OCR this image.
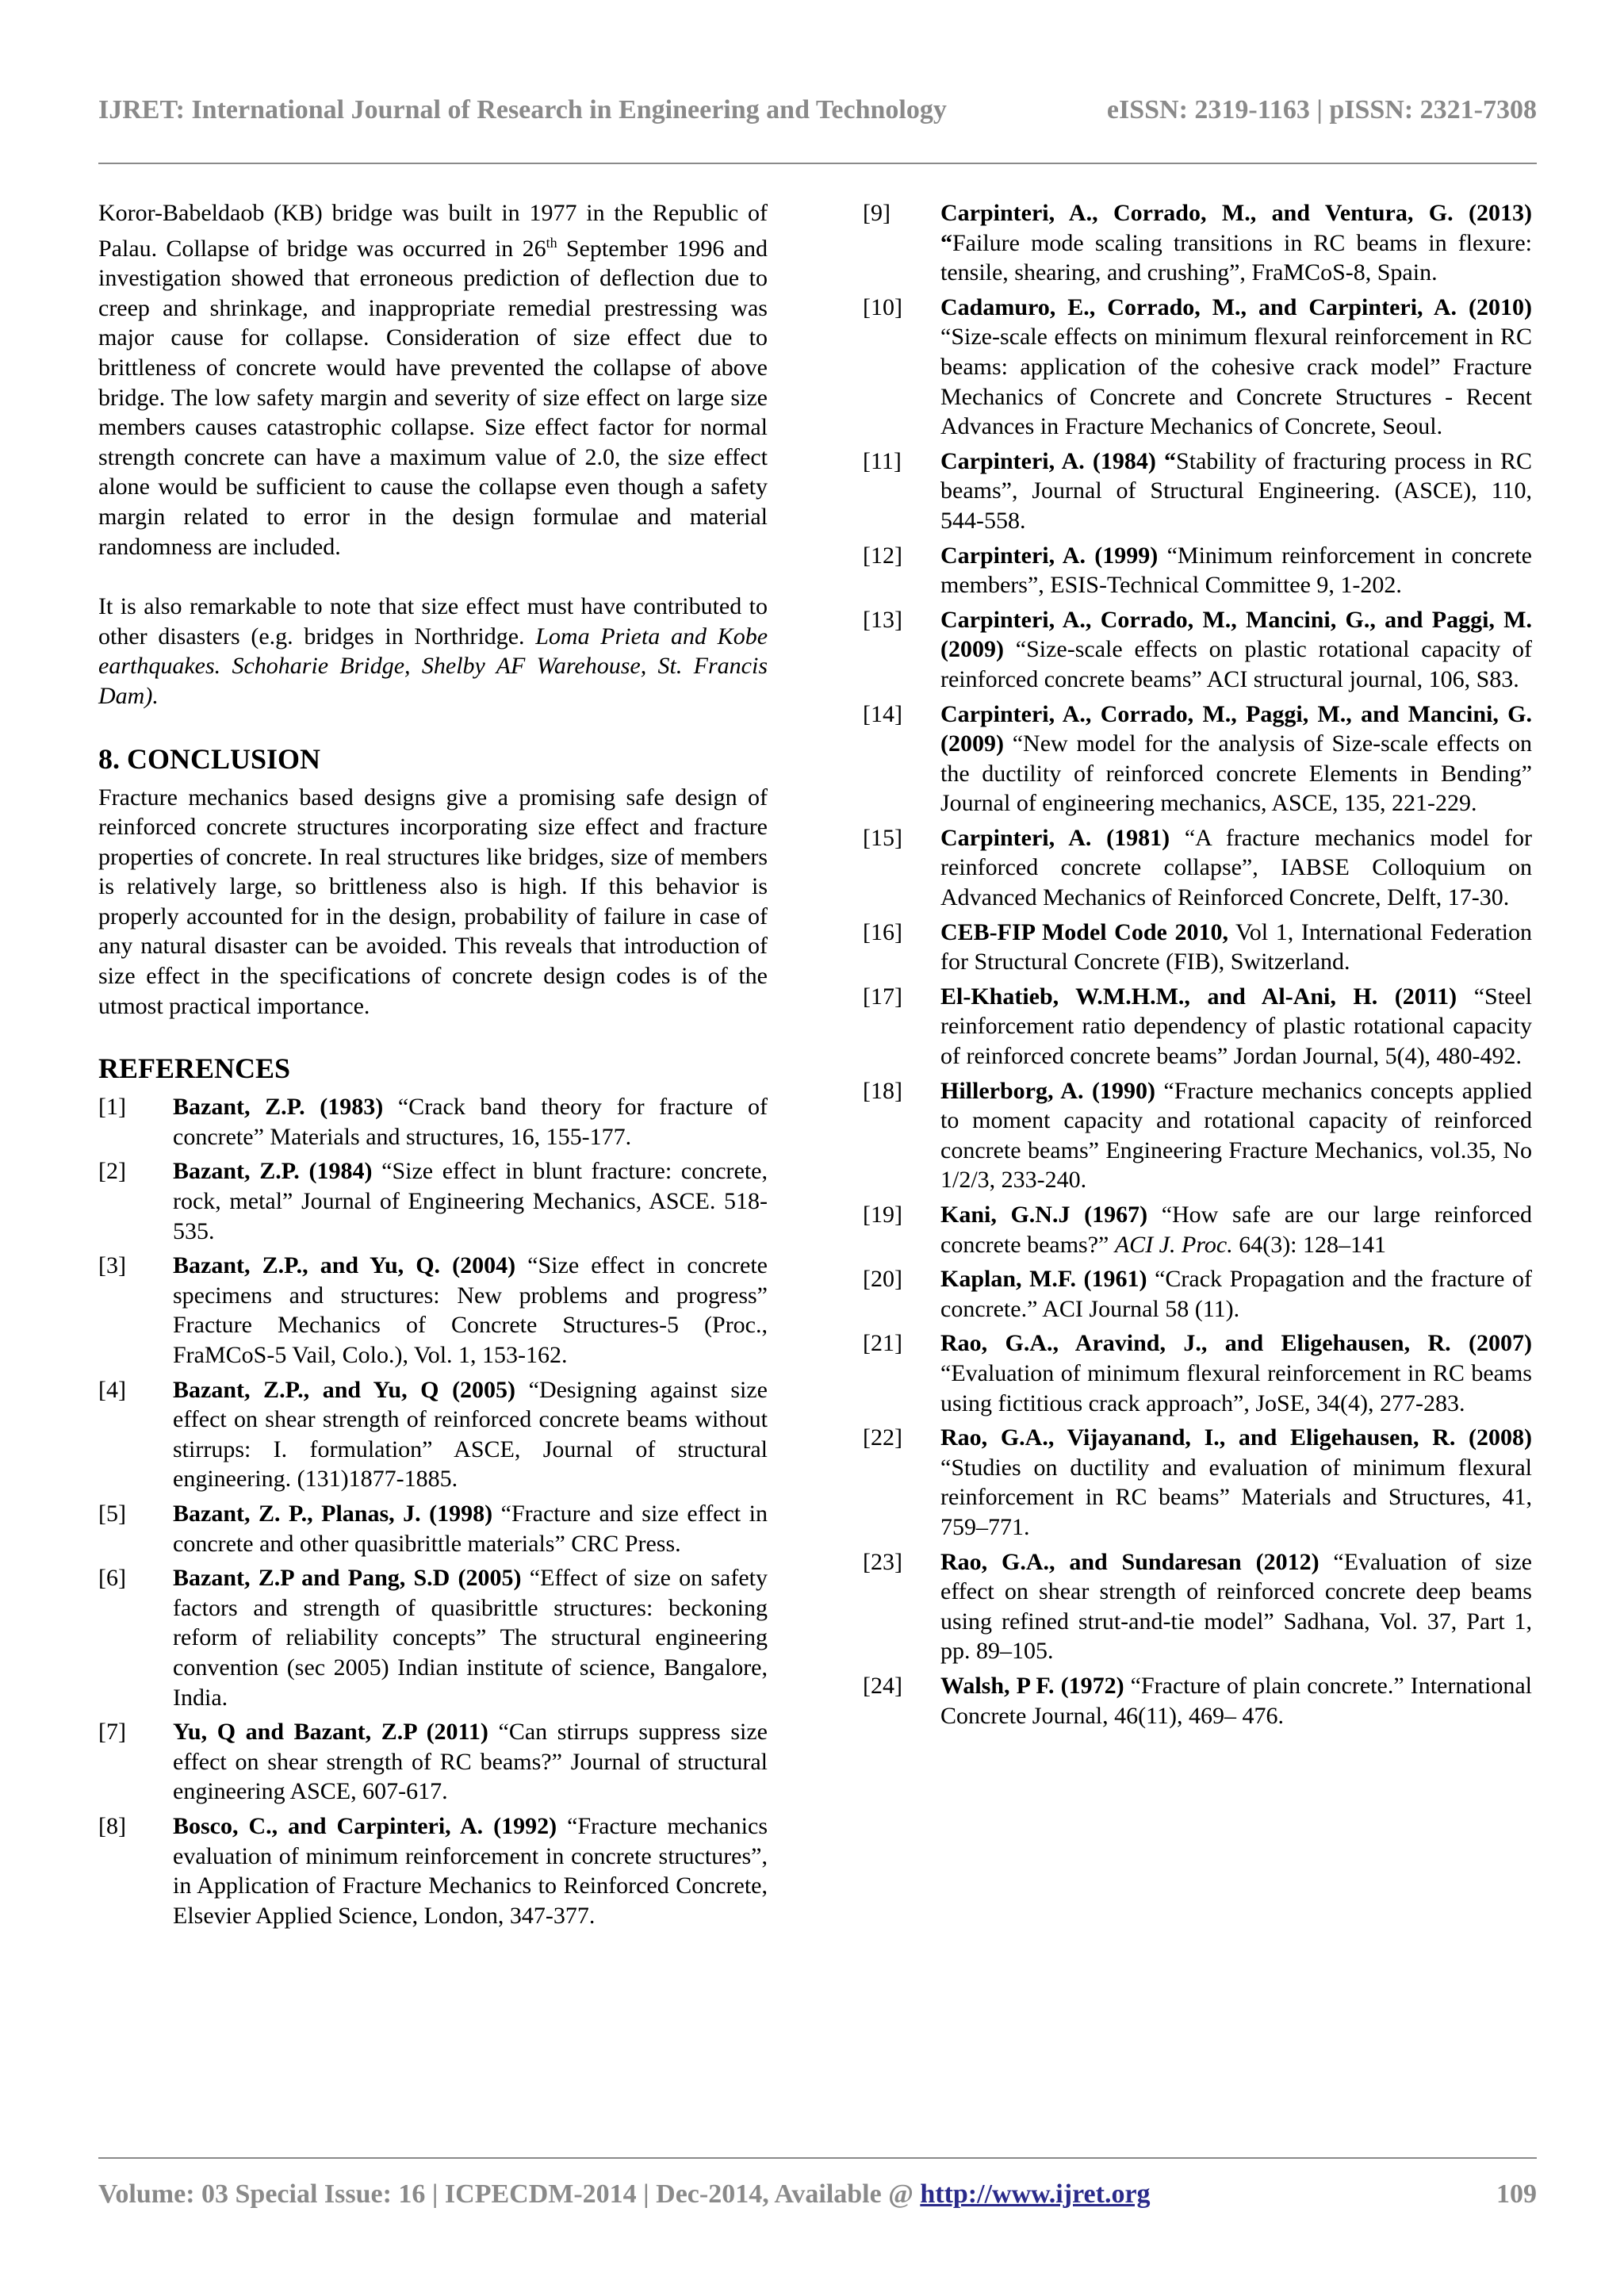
IJRET: International Journal of Research in Engineering and Technology	eISSN: 2319-1163 | pISSN: 2321-7308

Koror-Babeldaob (KB) bridge was built in 1977 in the Republic of Palau. Collapse of bridge was occurred in 26th September 1996 and investigation showed that erroneous prediction of deflection due to creep and shrinkage, and inappropriate remedial prestressing was major cause for collapse. Consideration of size effect due to brittleness of concrete would have prevented the collapse of above bridge. The low safety margin and severity of size effect on large size members causes catastrophic collapse. Size effect factor for normal strength concrete can have a maximum value of 2.0, the size effect alone would be sufficient to cause the collapse even though a safety margin related to error in the design formulae and material randomness are included.

It is also remarkable to note that size effect must have contributed to other disasters (e.g. bridges in Northridge. Loma Prieta and Kobe earthquakes. Schoharie Bridge, Shelby AF Warehouse, St. Francis Dam).

8. CONCLUSION

Fracture mechanics based designs give a promising safe design of reinforced concrete structures incorporating size effect and fracture properties of concrete. In real structures like bridges, size of members is relatively large, so brittleness also is high. If this behavior is properly accounted for in the design, probability of failure in case of any natural disaster can be avoided. This reveals that introduction of size effect in the specifications of concrete design codes is of the utmost practical importance.

REFERENCES
[1]	Bazant, Z.P. (1983) “Crack band theory for fracture of concrete” Materials and structures, 16, 155-177.
[2]	Bazant, Z.P. (1984) “Size effect in blunt fracture: concrete, rock, metal” Journal of Engineering Mechanics, ASCE. 518-535.
[3]	Bazant, Z.P., and Yu, Q. (2004) “Size effect in concrete specimens and structures: New problems and progress” Fracture Mechanics of Concrete Structures-5 (Proc., FraMCoS-5 Vail, Colo.), Vol. 1, 153-162.
[4]	Bazant, Z.P., and Yu, Q (2005) “Designing against size effect on shear strength of reinforced concrete beams without stirrups: I. formulation” ASCE, Journal of structural engineering. (131)1877-1885.
[5]	Bazant, Z. P., Planas, J. (1998) “Fracture and size effect in concrete and other quasibrittle materials” CRC Press.
[6]	Bazant, Z.P and Pang, S.D (2005) “Effect of size on safety factors and strength of quasibrittle structures: beckoning reform of reliability concepts” The structural engineering convention (sec 2005) Indian institute of science, Bangalore, India.
[7]	Yu, Q and Bazant, Z.P (2011) “Can stirrups suppress size effect on shear strength of RC beams?” Journal of structural engineering ASCE, 607-617.
[8]	Bosco, C., and Carpinteri, A. (1992) “Fracture mechanics evaluation of minimum reinforcement in concrete structures”, in Application of Fracture Mechanics to Reinforced Concrete, Elsevier Applied Science, London, 347-377.
[9]	Carpinteri, A., Corrado, M., and Ventura, G. (2013) “Failure mode scaling transitions in RC beams in flexure: tensile, shearing, and crushing”, FraMCoS-8, Spain.
[10]	Cadamuro, E., Corrado, M., and Carpinteri, A. (2010) “Size-scale effects on minimum flexural reinforcement in RC beams: application of the cohesive crack model” Fracture Mechanics of Concrete and Concrete Structures - Recent Advances in Fracture Mechanics of Concrete, Seoul.
[11]	Carpinteri, A. (1984) “Stability of fracturing process in RC beams”, Journal of Structural Engineering. (ASCE), 110, 544-558.
[12]	Carpinteri, A. (1999) “Minimum reinforcement in concrete members”, ESIS-Technical Committee 9, 1-202.
[13]	Carpinteri, A., Corrado, M., Mancini, G., and Paggi, M. (2009) “Size-scale effects on plastic rotational capacity of reinforced concrete beams” ACI structural journal, 106, S83.
[14]	Carpinteri, A., Corrado, M., Paggi, M., and Mancini, G. (2009) “New model for the analysis of Size-scale effects on the ductility of reinforced concrete Elements in Bending” Journal of engineering mechanics, ASCE, 135, 221-229.
[15]	Carpinteri, A. (1981) “A fracture mechanics model for reinforced concrete collapse”, IABSE Colloquium on Advanced Mechanics of Reinforced Concrete, Delft, 17-30.
[16]	CEB-FIP Model Code 2010, Vol 1, International Federation for Structural Concrete (FIB), Switzerland.
[17]	El-Khatieb, W.M.H.M., and Al-Ani, H. (2011) “Steel reinforcement ratio dependency of plastic rotational capacity of reinforced concrete beams” Jordan Journal, 5(4), 480-492.
[18]	Hillerborg, A. (1990) “Fracture mechanics concepts applied to moment capacity and rotational capacity of reinforced concrete beams” Engineering Fracture Mechanics, vol.35, No 1/2/3, 233-240.
[19]	Kani, G.N.J (1967) “How safe are our large reinforced concrete beams?” ACI J. Proc. 64(3): 128–141
[20]	Kaplan, M.F. (1961) “Crack Propagation and the fracture of concrete.” ACI Journal 58 (11).
[21]	Rao, G.A., Aravind, J., and Eligehausen, R. (2007) “Evaluation of minimum flexural reinforcement in RC beams using fictitious crack approach”, JoSE, 34(4), 277-283.
[22]	Rao, G.A., Vijayanand, I., and Eligehausen, R. (2008) “Studies on ductility and evaluation of minimum flexural reinforcement in RC beams” Materials and Structures, 41, 759–771.
[23]	Rao, G.A., and Sundaresan (2012) “Evaluation of size effect on shear strength of reinforced concrete deep beams using refined strut-and-tie model” Sadhana, Vol. 37, Part 1, pp. 89–105.
[24]	Walsh, P F. (1972) “Fracture of plain concrete.” International Concrete Journal, 46(11), 469– 476.
Volume: 03 Special Issue: 16 | ICPECDM-2014 | Dec-2014, Available @ http://www.ijret.org	109
